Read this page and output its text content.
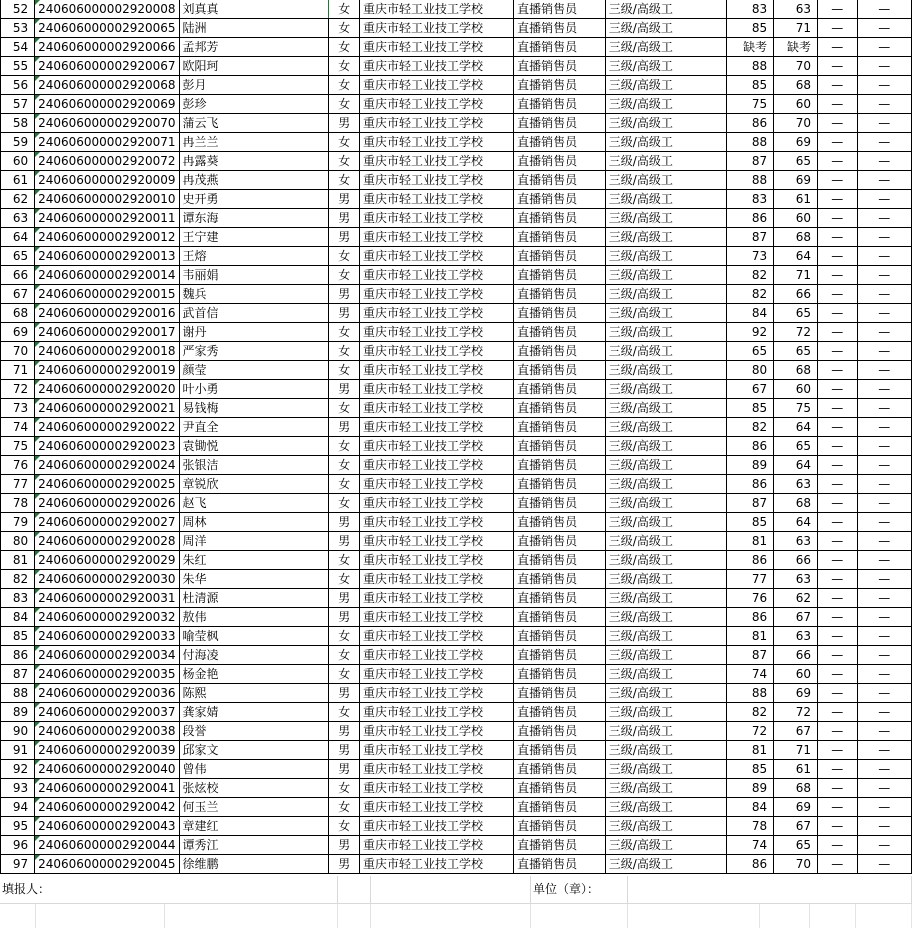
52	240606000002920008	刘真真	女	重庆市轻工业技工学校	直播销售员	三级/高级工	83	63	—	—
53	240606000002920065	陆洲	女	重庆市轻工业技工学校	直播销售员	三级/高级工	85	71	—	—
54	240606000002920066	孟邦芳	女	重庆市轻工业技工学校	直播销售员	三级/高级工	缺考	缺考	—	—
55	240606000002920067	欧阳珂	女	重庆市轻工业技工学校	直播销售员	三级/高级工	88	70	—	—
56	240606000002920068	彭月	女	重庆市轻工业技工学校	直播销售员	三级/高级工	85	68	—	—
57	240606000002920069	彭珍	女	重庆市轻工业技工学校	直播销售员	三级/高级工	75	60	—	—
58	240606000002920070	蒲云飞	男	重庆市轻工业技工学校	直播销售员	三级/高级工	86	70	—	—
59	240606000002920071	冉兰兰	女	重庆市轻工业技工学校	直播销售员	三级/高级工	88	69	—	—
60	240606000002920072	冉露葵	女	重庆市轻工业技工学校	直播销售员	三级/高级工	87	65	—	—
61	240606000002920009	冉茂燕	女	重庆市轻工业技工学校	直播销售员	三级/高级工	88	69	—	—
62	240606000002920010	史开勇	男	重庆市轻工业技工学校	直播销售员	三级/高级工	83	61	—	—
63	240606000002920011	谭东海	男	重庆市轻工业技工学校	直播销售员	三级/高级工	86	60	—	—
64	240606000002920012	王宁建	男	重庆市轻工业技工学校	直播销售员	三级/高级工	87	68	—	—
65	240606000002920013	王熔	女	重庆市轻工业技工学校	直播销售员	三级/高级工	73	64	—	—
66	240606000002920014	韦丽娟	女	重庆市轻工业技工学校	直播销售员	三级/高级工	82	71	—	—
67	240606000002920015	魏兵	男	重庆市轻工业技工学校	直播销售员	三级/高级工	82	66	—	—
68	240606000002920016	武首信	男	重庆市轻工业技工学校	直播销售员	三级/高级工	84	65	—	—
69	240606000002920017	谢丹	女	重庆市轻工业技工学校	直播销售员	三级/高级工	92	72	—	—
70	240606000002920018	严家秀	女	重庆市轻工业技工学校	直播销售员	三级/高级工	65	65	—	—
71	240606000002920019	颜莹	女	重庆市轻工业技工学校	直播销售员	三级/高级工	80	68	—	—
72	240606000002920020	叶小勇	男	重庆市轻工业技工学校	直播销售员	三级/高级工	67	60	—	—
73	240606000002920021	易钱梅	女	重庆市轻工业技工学校	直播销售员	三级/高级工	85	75	—	—
74	240606000002920022	尹直全	男	重庆市轻工业技工学校	直播销售员	三级/高级工	82	64	—	—
75	240606000002920023	袁锄悦	女	重庆市轻工业技工学校	直播销售员	三级/高级工	86	65	—	—
76	240606000002920024	张银洁	女	重庆市轻工业技工学校	直播销售员	三级/高级工	89	64	—	—
77	240606000002920025	章锐欣	女	重庆市轻工业技工学校	直播销售员	三级/高级工	86	63	—	—
78	240606000002920026	赵飞	女	重庆市轻工业技工学校	直播销售员	三级/高级工	87	68	—	—
79	240606000002920027	周林	男	重庆市轻工业技工学校	直播销售员	三级/高级工	85	64	—	—
80	240606000002920028	周洋	男	重庆市轻工业技工学校	直播销售员	三级/高级工	81	63	—	—
81	240606000002920029	朱红	女	重庆市轻工业技工学校	直播销售员	三级/高级工	86	66	—	—
82	240606000002920030	朱华	女	重庆市轻工业技工学校	直播销售员	三级/高级工	77	63	—	—
83	240606000002920031	杜清源	男	重庆市轻工业技工学校	直播销售员	三级/高级工	76	62	—	—
84	240606000002920032	敖伟	男	重庆市轻工业技工学校	直播销售员	三级/高级工	86	67	—	—
85	240606000002920033	喻莹枫	女	重庆市轻工业技工学校	直播销售员	三级/高级工	81	63	—	—
86	240606000002920034	付海凌	女	重庆市轻工业技工学校	直播销售员	三级/高级工	87	66	—	—
87	240606000002920035	杨金艳	女	重庆市轻工业技工学校	直播销售员	三级/高级工	74	60	—	—
88	240606000002920036	陈熙	男	重庆市轻工业技工学校	直播销售员	三级/高级工	88	69	—	—
89	240606000002920037	龚家婧	女	重庆市轻工业技工学校	直播销售员	三级/高级工	82	72	—	—
90	240606000002920038	段誉	男	重庆市轻工业技工学校	直播销售员	三级/高级工	72	67	—	—
91	240606000002920039	邱家文	男	重庆市轻工业技工学校	直播销售员	三级/高级工	81	71	—	—
92	240606000002920040	曾伟	男	重庆市轻工业技工学校	直播销售员	三级/高级工	85	61	—	—
93	240606000002920041	张炫校	女	重庆市轻工业技工学校	直播销售员	三级/高级工	89	68	—	—
94	240606000002920042	何玉兰	女	重庆市轻工业技工学校	直播销售员	三级/高级工	84	69	—	—
95	240606000002920043	章建红	女	重庆市轻工业技工学校	直播销售员	三级/高级工	78	67	—	—
96	240606000002920044	谭秀江	男	重庆市轻工业技工学校	直播销售员	三级/高级工	74	65	—	—
97	240606000002920045	徐维鹏	男	重庆市轻工业技工学校	直播销售员	三级/高级工	86	70	—	—
填报人：	单位（章）：
